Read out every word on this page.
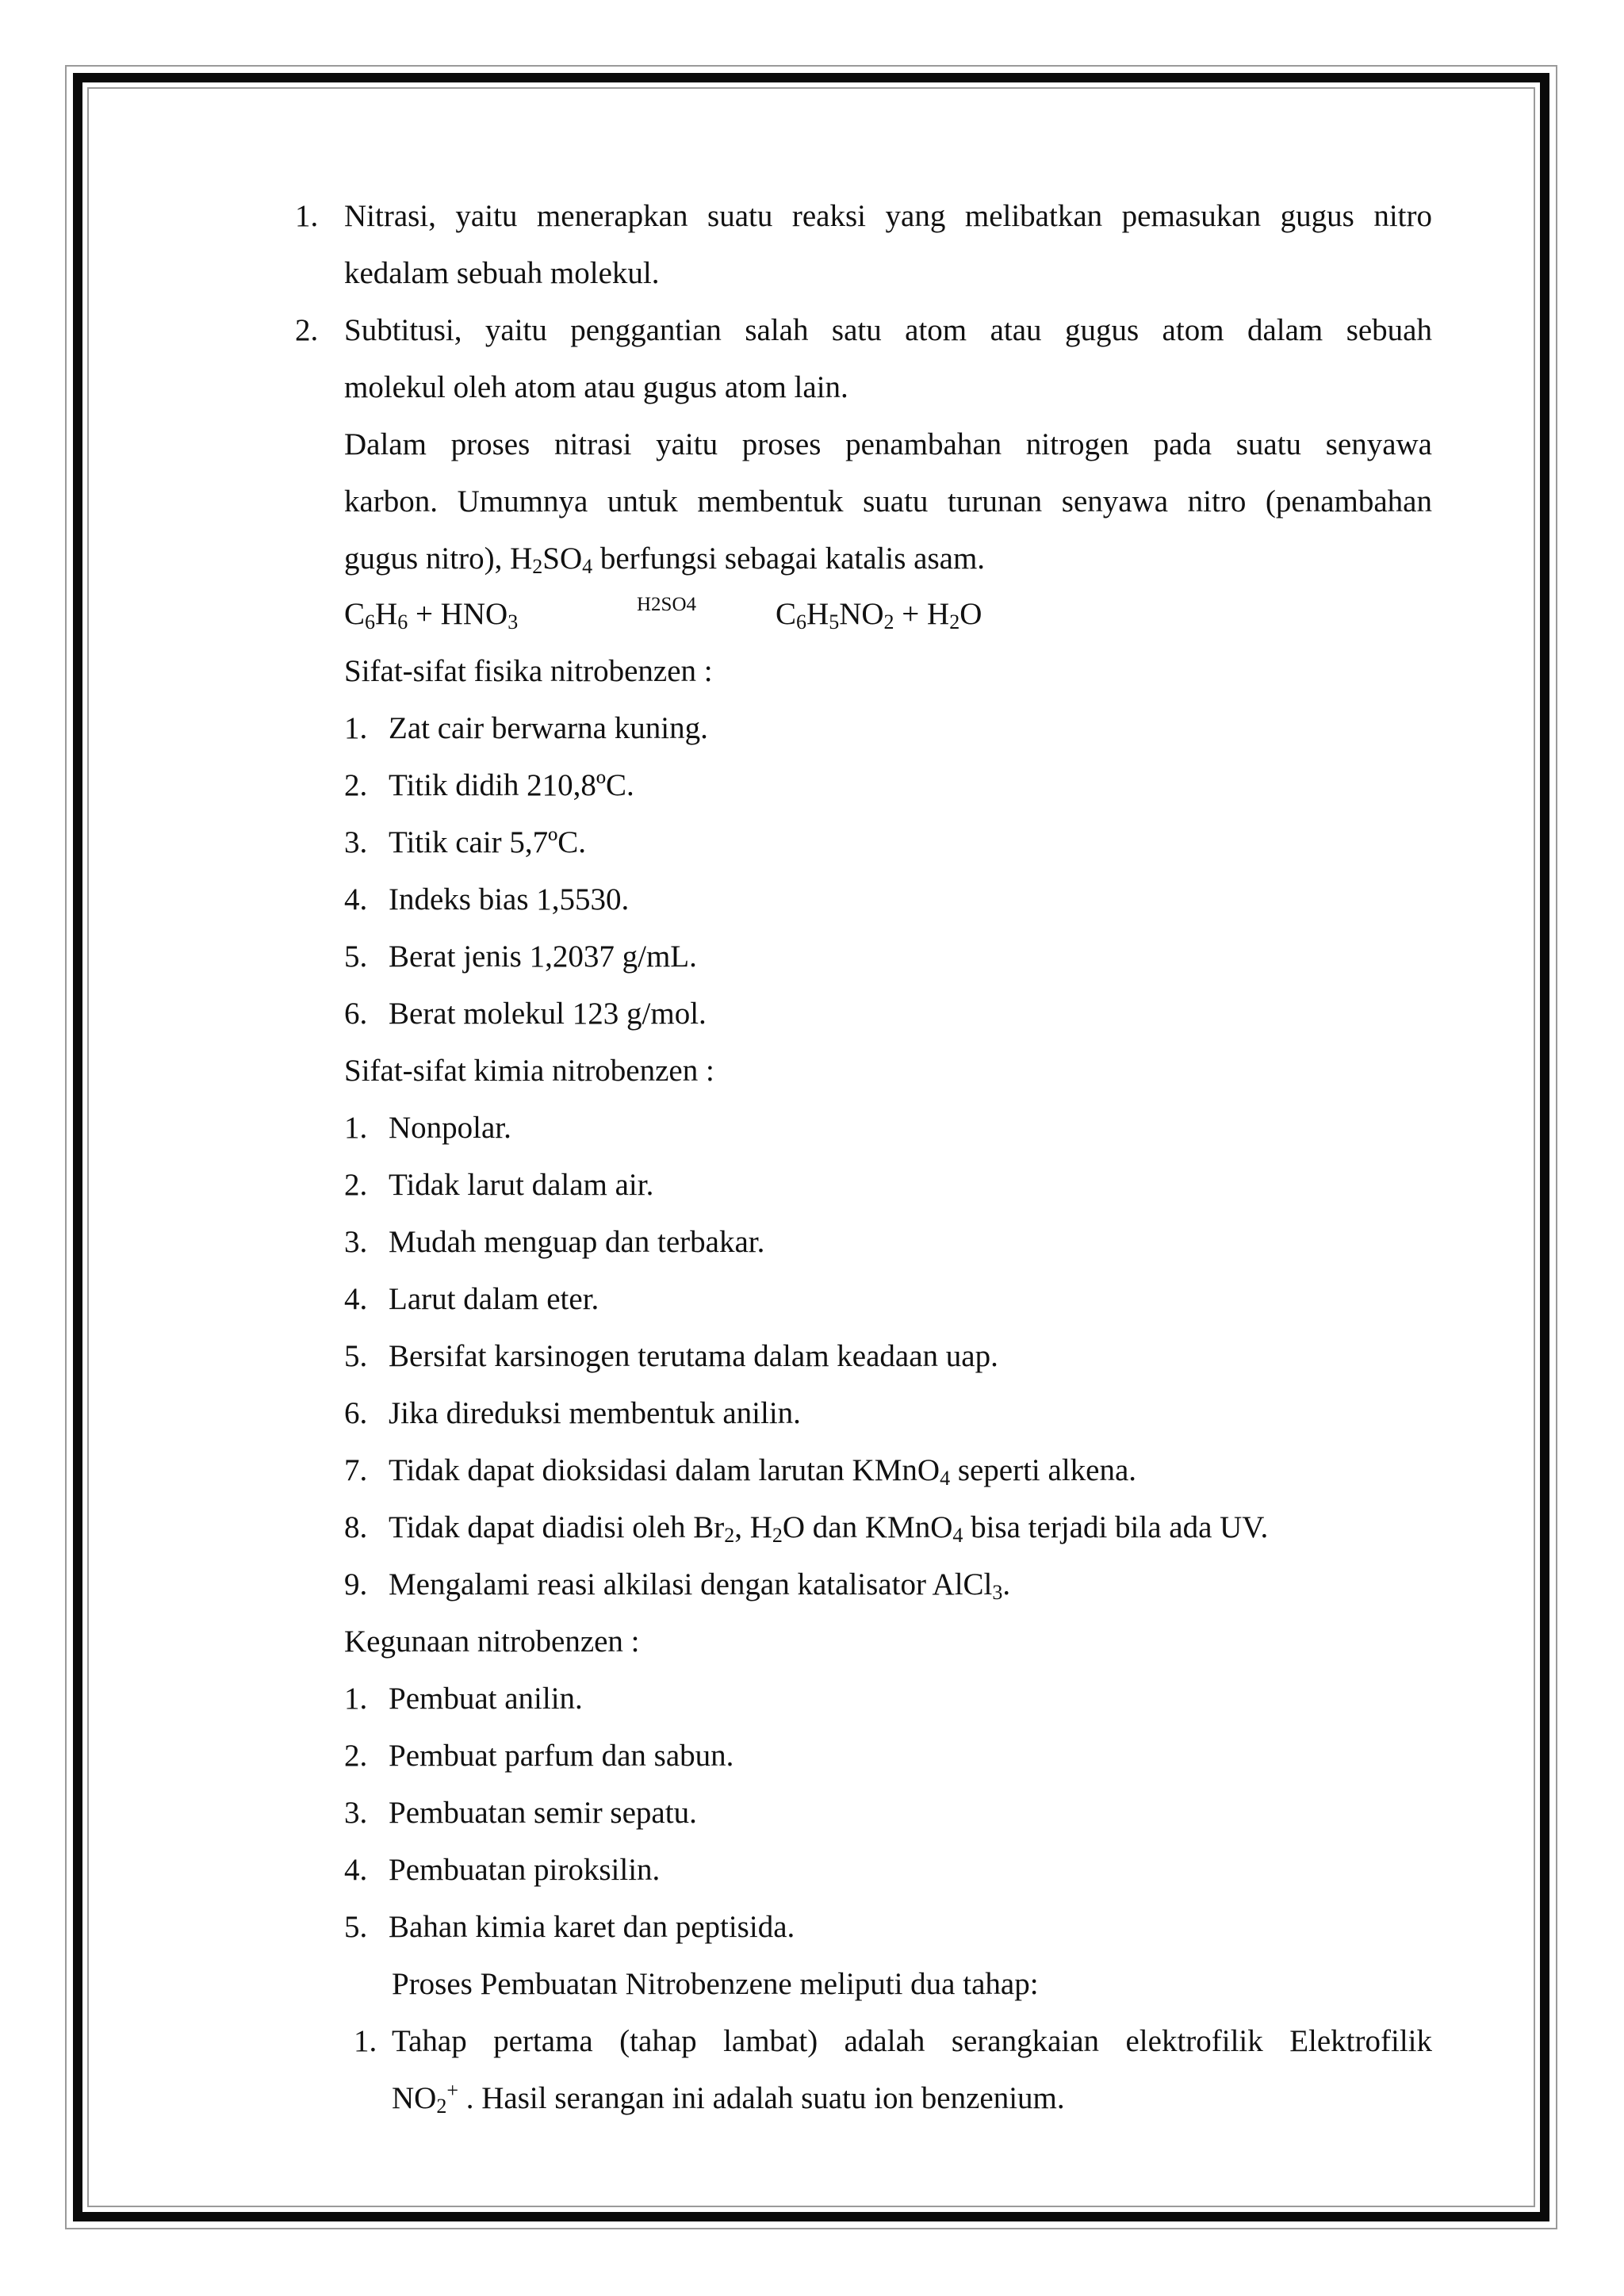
1. Nitrasi, yaitu menerapkan suatu reaksi yang melibatkan pemasukan gugus nitro
kedalam sebuah molekul.
2. Subtitusi, yaitu penggantian salah satu atom atau gugus atom dalam sebuah
molekul oleh atom atau gugus atom lain.
Dalam proses nitrasi yaitu proses penambahan nitrogen pada suatu senyawa
karbon. Umumnya untuk membentuk suatu turunan senyawa nitro (penambahan
gugus nitro), $H_2SO_4$ berfungsi sebagai katalis asam.
$C_6H_6 + HNO_3$
H2SO4	$C_6H_5NO_2 + H_2O$
Sifat-sifat fisika nitrobenzen :
1. Zat cair berwarna kuning.
2. Titik didih 210,8ºC.
3. Titik cair 5,7ºC.
4. Indeks bias 1,5530.
5. Berat jenis 1,2037 g/mL.
6. Berat molekul 123 g/mol.
Sifat-sifat kimia nitrobenzen :
1. Nonpolar.
2. Tidak larut dalam air.
3. Mudah menguap dan terbakar.
4. Larut dalam eter.
5. Bersifat karsinogen terutama dalam keadaan uap.
6. Jika direduksi membentuk anilin.
7. Tidak dapat dioksidasi dalam larutan KMnO$_4$ seperti alkena.
8. Tidak dapat diadisi oleh $Br_2$, $H_2O$ dan KMnO$_4$ bisa terjadi bila ada UV.
9. Mengalami reasi alkilasi dengan katalisator AlCl$_3$.
Kegunaan nitrobenzen :
1. Pembuat anilin.
2. Pembuat parfum dan sabun.
3. Pembuatan semir sepatu.
4. Pembuatan piroksilin.
5. Bahan kimia karet dan peptisida.
Proses Pembuatan Nitrobenzene meliputi dua tahap:
1. Tahap pertama (tahap lambat) adalah serangkaian elektrofilik Elektrofilik
$NO_2^+$ . Hasil serangan ini adalah suatu ion benzenium.
